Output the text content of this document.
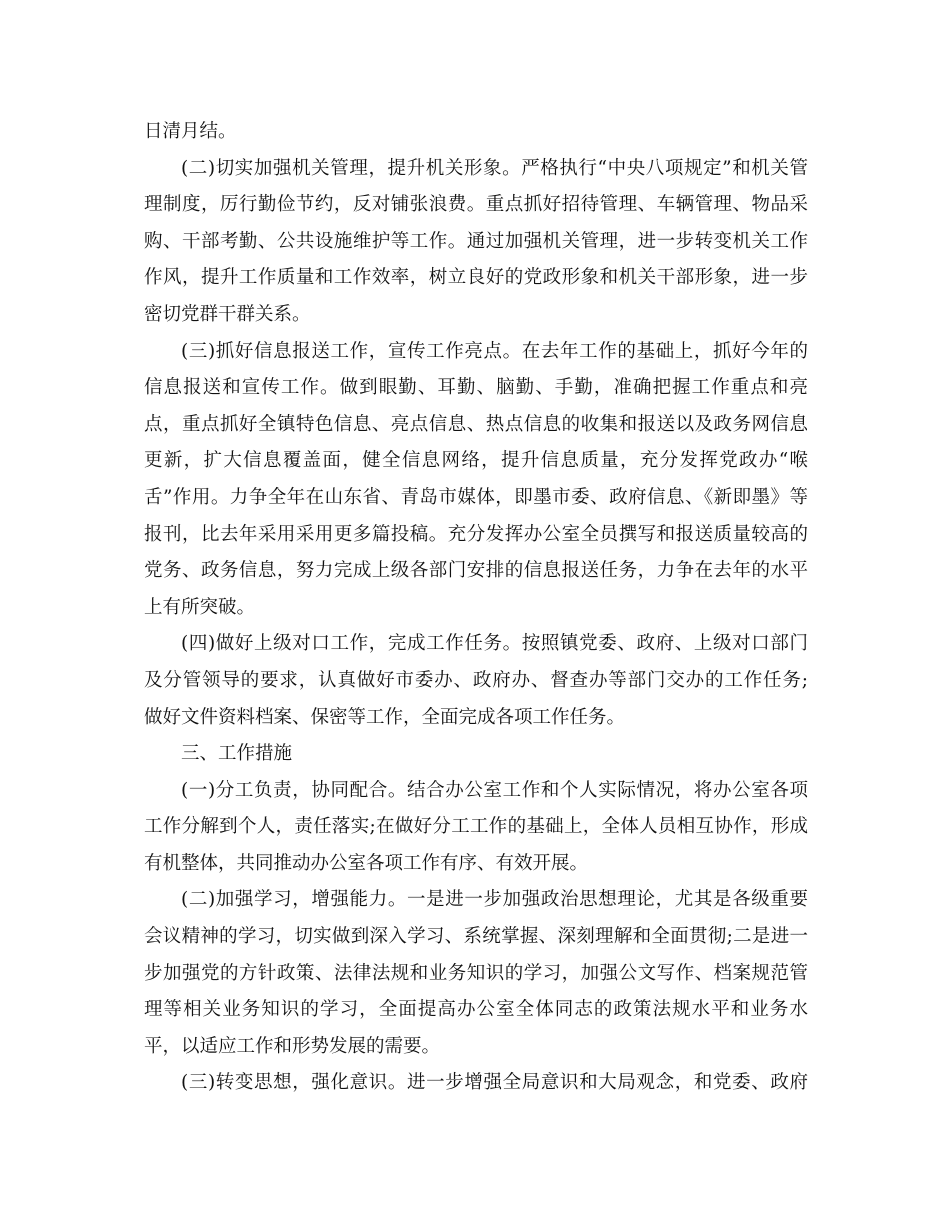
日清月结。
(二)切实加强机关管理，提升机关形象。严格执行“中央八项规定”和机关管
理制度，厉行勤俭节约，反对铺张浪费。重点抓好招待管理、车辆管理、物品采
购、干部考勤、公共设施维护等工作。通过加强机关管理，进一步转变机关工作
作风，提升工作质量和工作效率，树立良好的党政形象和机关干部形象，进一步
密切党群干群关系。
(三)抓好信息报送工作，宣传工作亮点。在去年工作的基础上，抓好今年的
信息报送和宣传工作。做到眼勤、耳勤、脑勤、手勤，准确把握工作重点和亮
点，重点抓好全镇特色信息、亮点信息、热点信息的收集和报送以及政务网信息
更新，扩大信息覆盖面，健全信息网络，提升信息质量，充分发挥党政办“喉
舌”作用。力争全年在山东省、青岛市媒体，即墨市委、政府信息、《新即墨》等
报刊，比去年采用采用更多篇投稿。充分发挥办公室全员撰写和报送质量较高的
党务、政务信息，努力完成上级各部门安排的信息报送任务，力争在去年的水平
上有所突破。
(四)做好上级对口工作，完成工作任务。按照镇党委、政府、上级对口部门
及分管领导的要求，认真做好市委办、政府办、督查办等部门交办的工作任务;
做好文件资料档案、保密等工作，全面完成各项工作任务。
三、工作措施
(一)分工负责，协同配合。结合办公室工作和个人实际情况，将办公室各项
工作分解到个人，责任落实;在做好分工工作的基础上，全体人员相互协作，形成
有机整体，共同推动办公室各项工作有序、有效开展。
(二)加强学习，增强能力。一是进一步加强政治思想理论，尤其是各级重要
会议精神的学习，切实做到深入学习、系统掌握、深刻理解和全面贯彻;二是进一
步加强党的方针政策、法律法规和业务知识的学习，加强公文写作、档案规范管
理等相关业务知识的学习，全面提高办公室全体同志的政策法规水平和业务水
平，以适应工作和形势发展的需要。
(三)转变思想，强化意识。进一步增强全局意识和大局观念，和党委、政府
